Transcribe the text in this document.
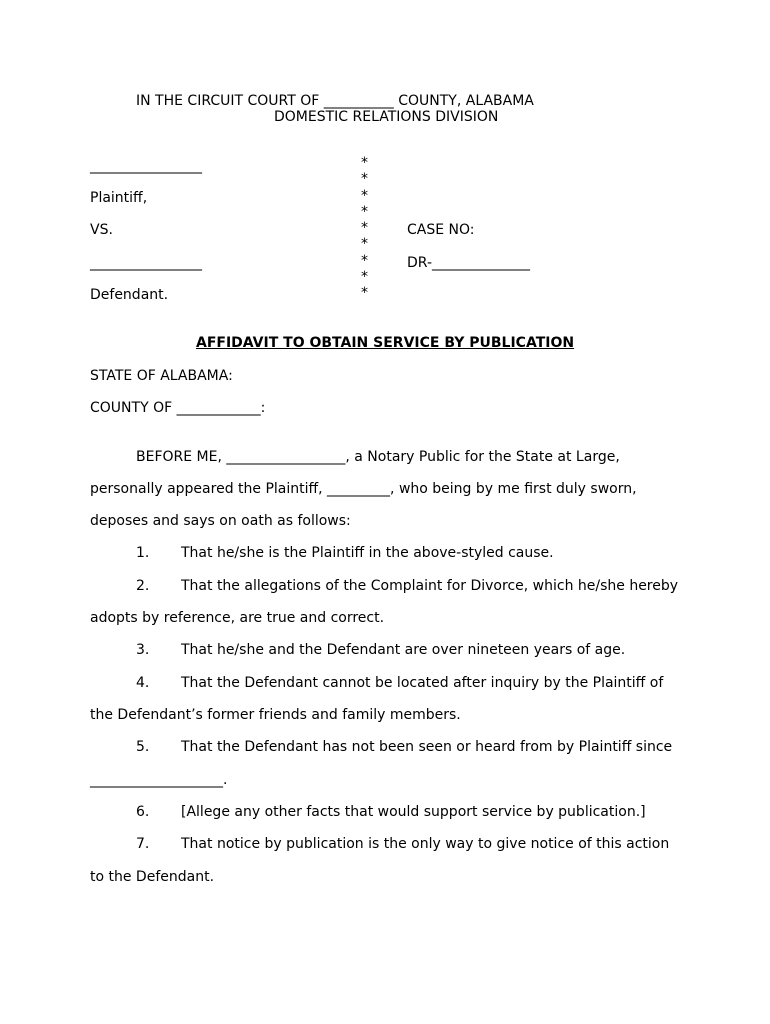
IN THE CIRCUIT COURT OF __________ COUNTY, ALABAMA
DOMESTIC RELATIONS DIVISION
________________
Plaintiff,
VS.
________________
Defendant.
*
*
*
*
*
*
*
*
*
CASE NO:
DR-______________
AFFIDAVIT TO OBTAIN SERVICE BY PUBLICATION
STATE OF ALABAMA:
COUNTY OF ____________:
BEFORE ME, _________________, a Notary Public for the State at Large,
personally appeared the Plaintiff, _________, who being by me first duly sworn,
deposes and says on oath as follows:
1. That he/she is the Plaintiff in the above-styled cause.
2. That the allegations of the Complaint for Divorce, which he/she hereby
adopts by reference, are true and correct.
3. That he/she and the Defendant are over nineteen years of age.
4. That the Defendant cannot be located after inquiry by the Plaintiff of
the Defendant’s former friends and family members.
5. That the Defendant has not been seen or heard from by Plaintiff since
___________________.
6. [Allege any other facts that would support service by publication.]
7. That notice by publication is the only way to give notice of this action
to the Defendant.
